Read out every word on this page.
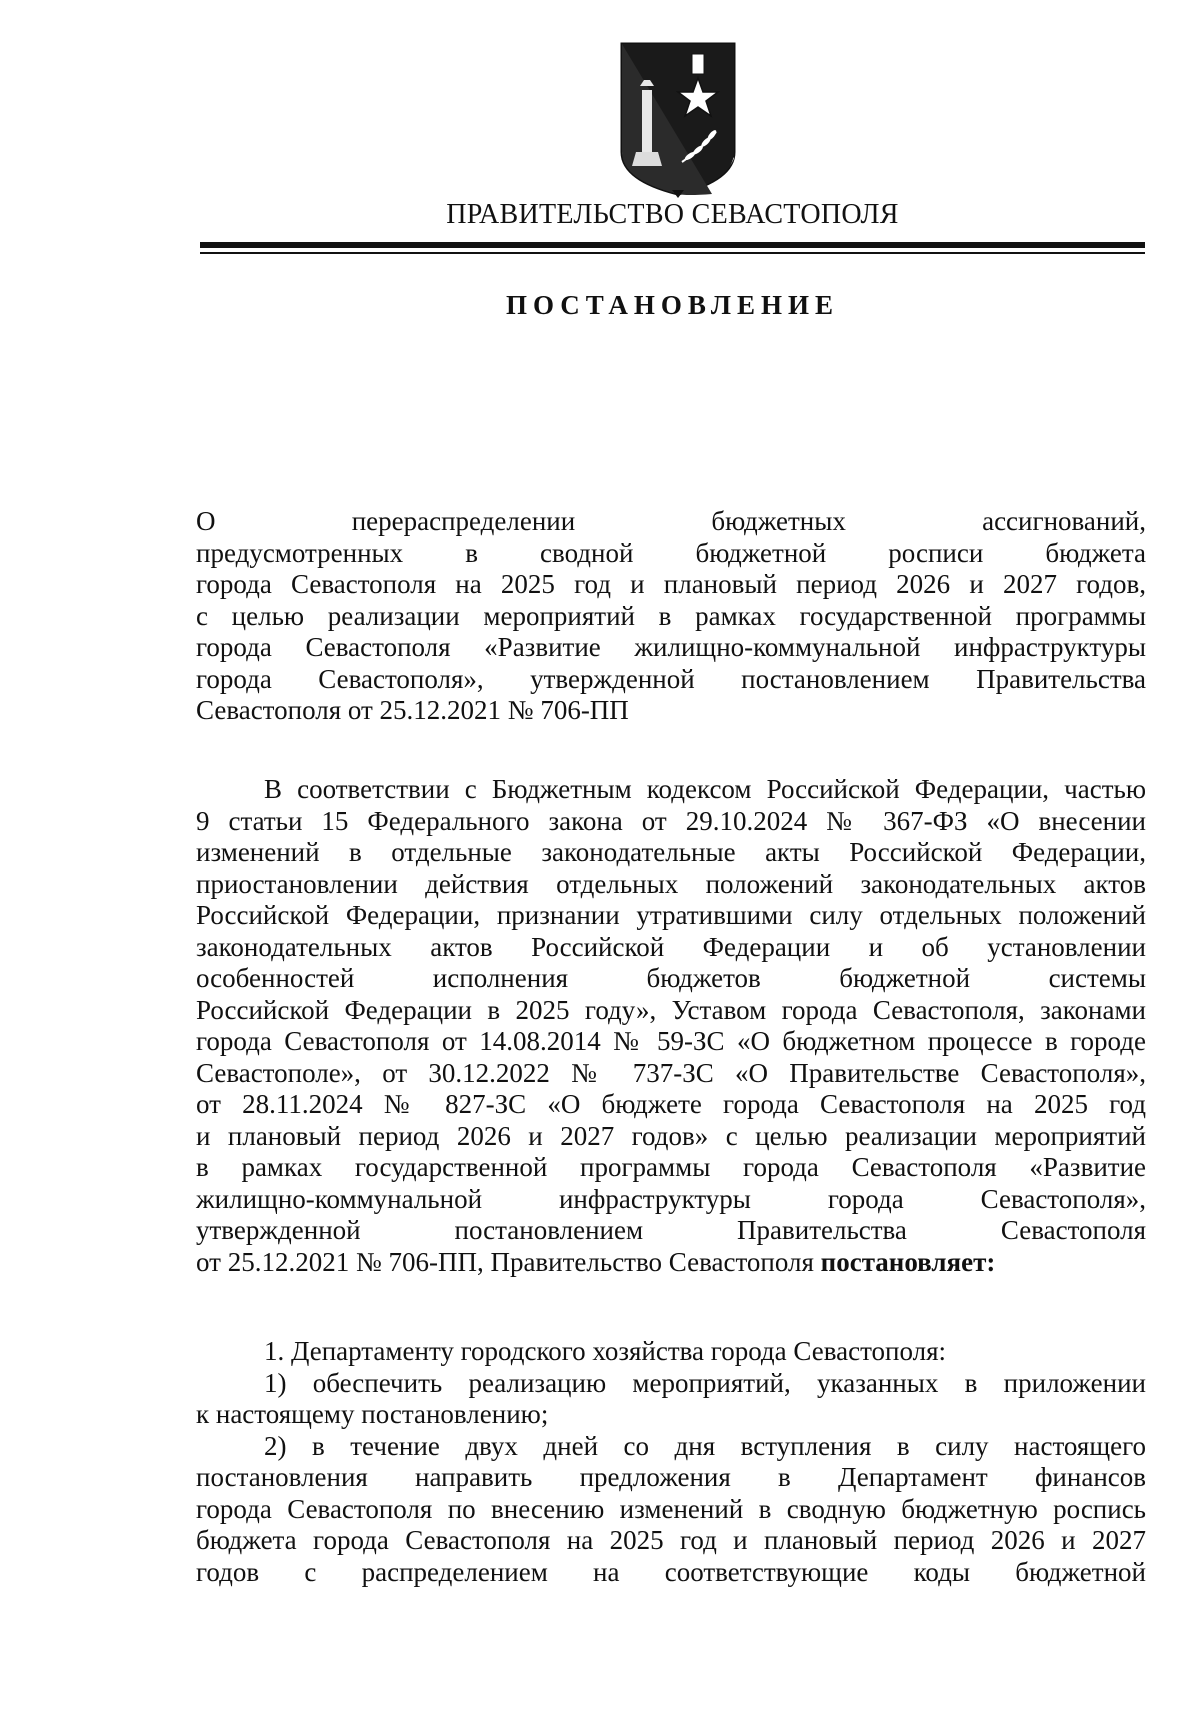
ПРАВИТЕЛЬСТВО СЕВАСТОПОЛЯ
ПОСТАНОВЛЕНИЕ

О перераспределении бюджетных ассигнований,

предусмотренных в сводной бюджетной росписи бюджета

города Севастополя на 2025 год и плановый период 2026 и 2027 годов,

с целью реализации мероприятий в рамках государственной программы

города Севастополя «Развитие жилищно-коммунальной инфраструктуры

города Севастополя», утвержденной постановлением Правительства

Севастополя от 25.12.2021 № 706-ПП

В соответствии с Бюджетным кодексом Российской Федерации, частью

9 статьи 15 Федерального закона от 29.10.2024 № 367-ФЗ «О внесении

изменений в отдельные законодательные акты Российской Федерации,

приостановлении действия отдельных положений законодательных актов

Российской Федерации, признании утратившими силу отдельных положений

законодательных актов Российской Федерации и об установлении

особенностей исполнения бюджетов бюджетной системы

Российской Федерации в 2025 году», Уставом города Севастополя, законами

города Севастополя от 14.08.2014 № 59-ЗС «О бюджетном процессе в городе

Севастополе», от 30.12.2022 № 737-ЗС «О Правительстве Севастополя»,

от 28.11.2024 № 827-ЗС «О бюджете города Севастополя на 2025 год

и плановый период 2026 и 2027 годов» с целью реализации мероприятий

в рамках государственной программы города Севастополя «Развитие

жилищно-коммунальной инфраструктуры города Севастополя»,

утвержденной постановлением Правительства Севастополя

от 25.12.2021 № 706-ПП, Правительство Севастополя постановляет:

1. Департаменту городского хозяйства города Севастополя:

1) обеспечить реализацию мероприятий, указанных в приложении

к настоящему постановлению;

2) в течение двух дней со дня вступления в силу настоящего

постановления направить предложения в Департамент финансов

города Севастополя по внесению изменений в сводную бюджетную роспись

бюджета города Севастополя на 2025 год и плановый период 2026 и 2027

годов с распределением на соответствующие коды бюджетной
